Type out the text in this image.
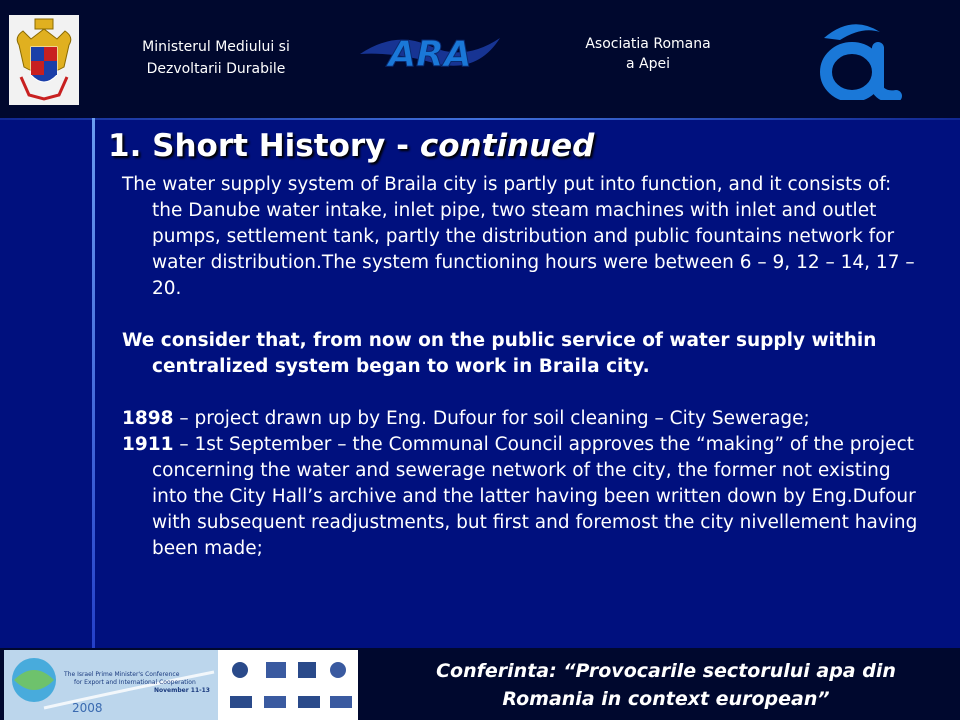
Ministerul Mediului si
Dezvoltarii Durabile	ARA	Asociatia Romana
a Apei
1. Short History - continued

The water supply system of Braila city is partly put into function, and it consists of: the Danube water intake, inlet pipe, two steam machines with inlet and outlet pumps, settlement tank, partly the distribution and public fountains network for water distribution.The system functioning hours were between 6 – 9, 12 – 14, 17 – 20.

We consider that, from now on the public service of water supply within centralized system began to work in Braila city.

1898 – project drawn up by Eng. Dufour for soil cleaning – City Sewerage;

1911 – 1st September – the Communal Council approves the “making” of the project concerning the water and sewerage network of the city, the former not existing into the City Hall’s archive and the latter having been written down by Eng.Dufour with subsequent readjustments, but first and foremost the city nivellement having been made;

The Israel Prime Minister's Conference
for Export and International Cooperation
November 11-13
2008
Conferinta: “Provocarile sectorului apa din
Romania in context european”
